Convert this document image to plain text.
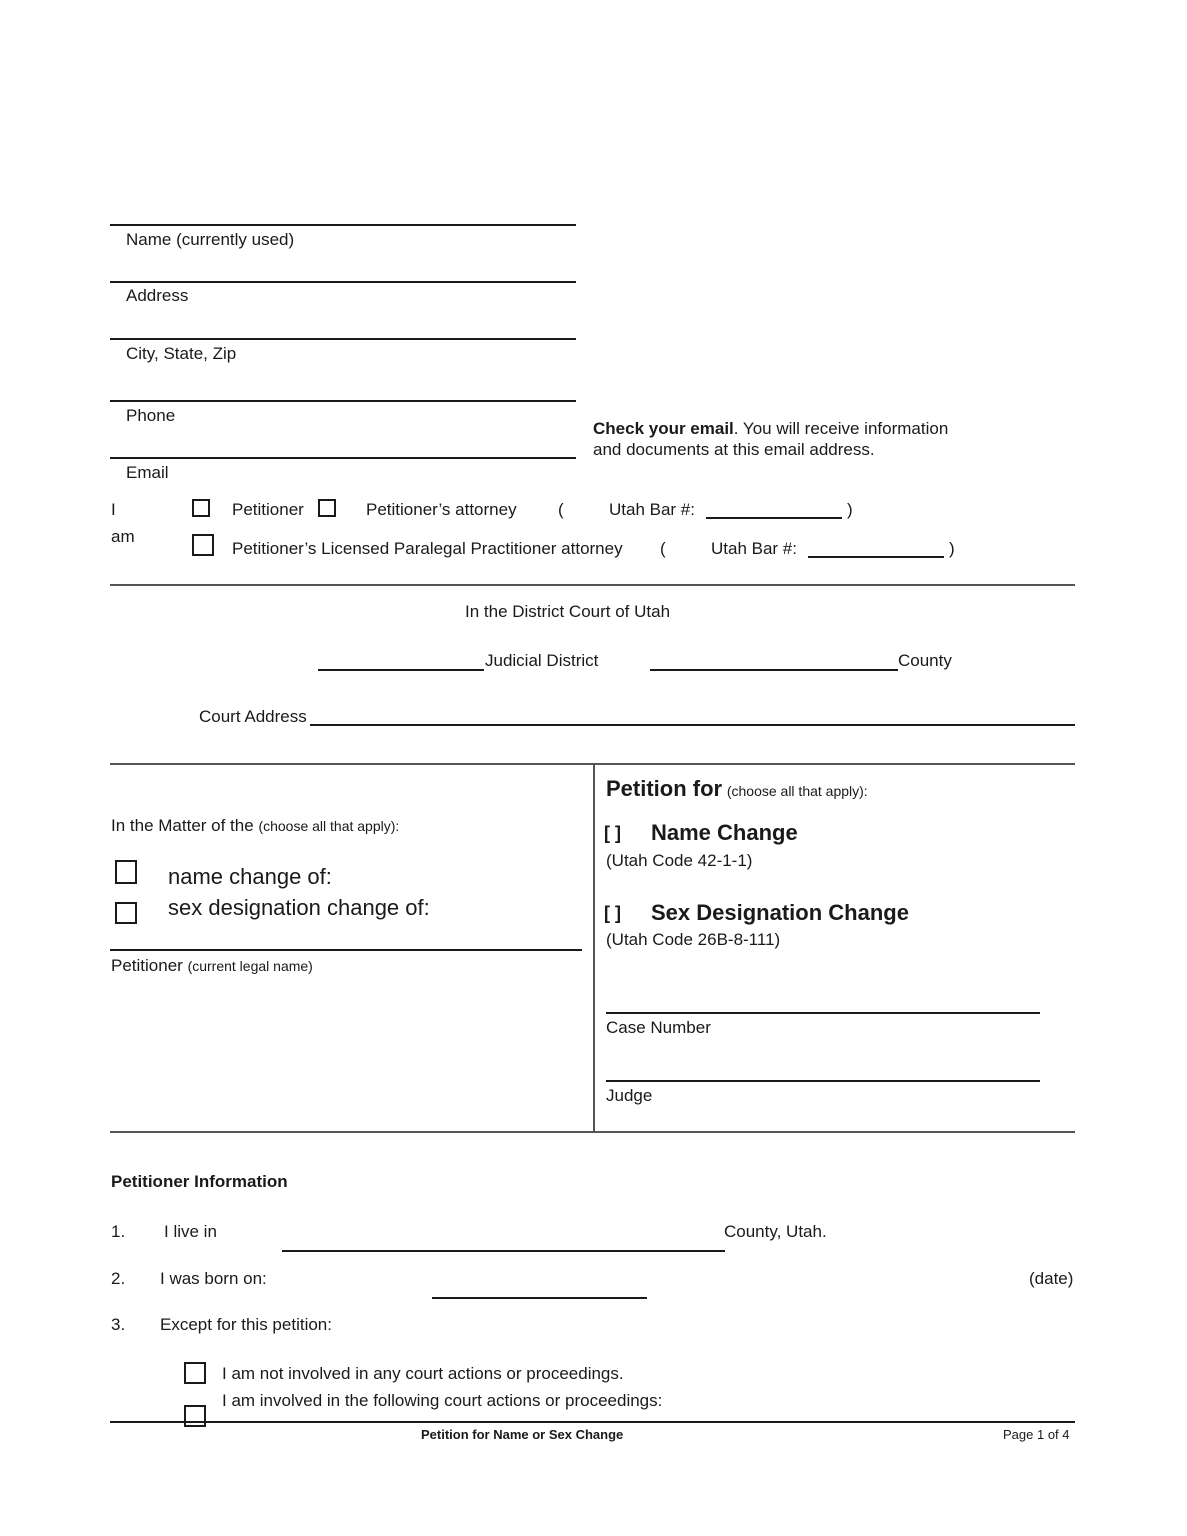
Name (currently used)
Address
City, State, Zip
Phone
Email
Check your email. You will receive information
and documents at this email address.
I
am
Petitioner	Petitioner’s attorney (	Utah Bar #:	)
Petitioner’s Licensed Paralegal Practitioner attorney (	Utah Bar #:	)
In the District Court of Utah
Judicial District	County
Court Address
In the Matter of the (choose all that apply):
name change of:
sex designation change of:
Petitioner (current legal name)
Petition for (choose all that apply):
[ ] Name Change
(Utah Code 42-1-1)
[ ] Sex Designation Change
(Utah Code 26B-8-111)
Case Number
Judge
Petitioner Information
1. I live in	County, Utah.
2. I was born on:	(date)
3. Except for this petition:
I am not involved in any court actions or proceedings.
I am involved in the following court actions or proceedings:
Petition for Name or Sex Change	Page 1 of 4
